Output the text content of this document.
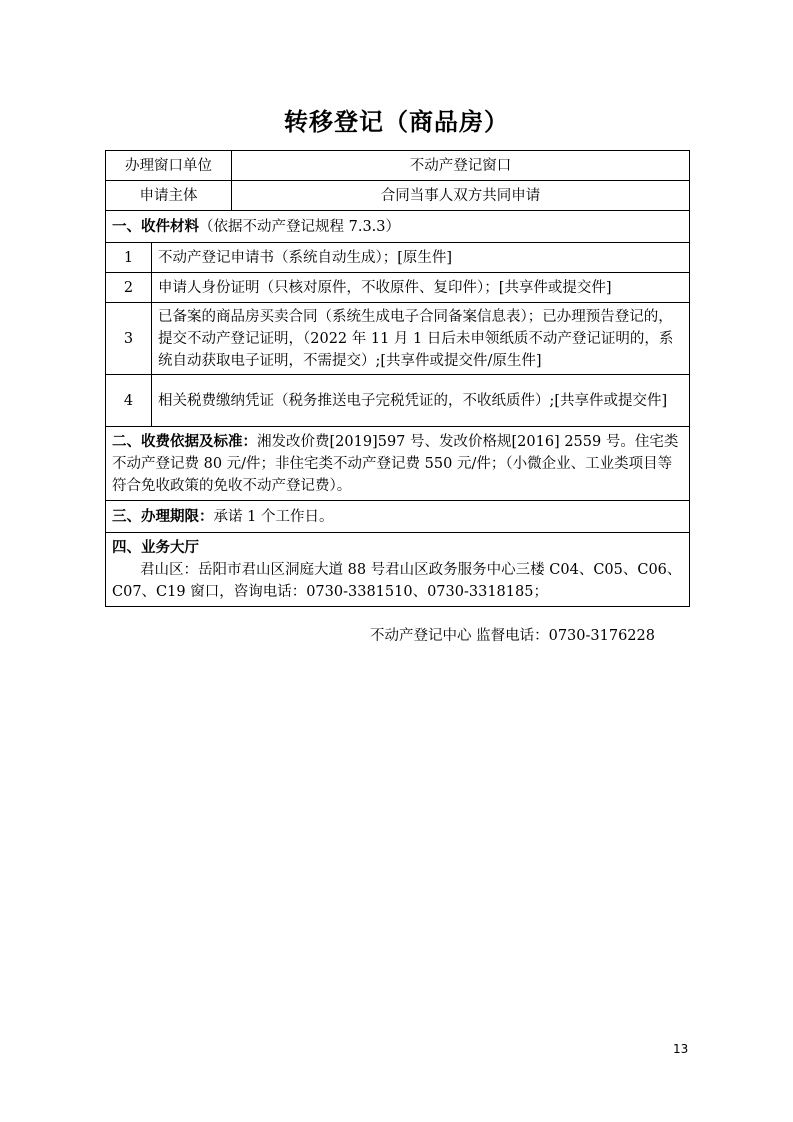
转移登记（商品房）
办理窗口单位		不动产登记窗口
申请主体		合同当事人双方共同申请
一、收件材料（依据不动产登记规程 7.3.3）		
1	不动产登记申请书（系统自动生成）；[原生件]	
2	申请人身份证明（只核对原件，不收原件、复印件）；[共享件或提交件]	
3	已备案的商品房买卖合同（系统生成电子合同备案信息表）；已办理预告登记的，提交不动产登记证明，（2022 年 11 月 1 日后未申领纸质不动产登记证明的，系统自动获取电子证明，不需提交）;[共享件或提交件/原生件]	
4	相关税费缴纳凭证（税务推送电子完税凭证的，不收纸质件）;[共享件或提交件]	
二、收费依据及标准：湘发改价费[2019]597 号、发改价格规[2016] 2559 号。住宅类不动产登记费 80 元/件；非住宅类不动产登记费 550 元/件；（小微企业、工业类项目等符合免收政策的免收不动产登记费）。		
三、办理期限：承诺 1 个工作日。		

四、业务大厅
君山区：岳阳市君山区洞庭大道 88 号君山区政务服务中心三楼 C04、C05、C06、C07、C19 窗口，咨询电话：0730-3381510、0730-3318185；		
不动产登记中心 监督电话：0730-3176228
13
